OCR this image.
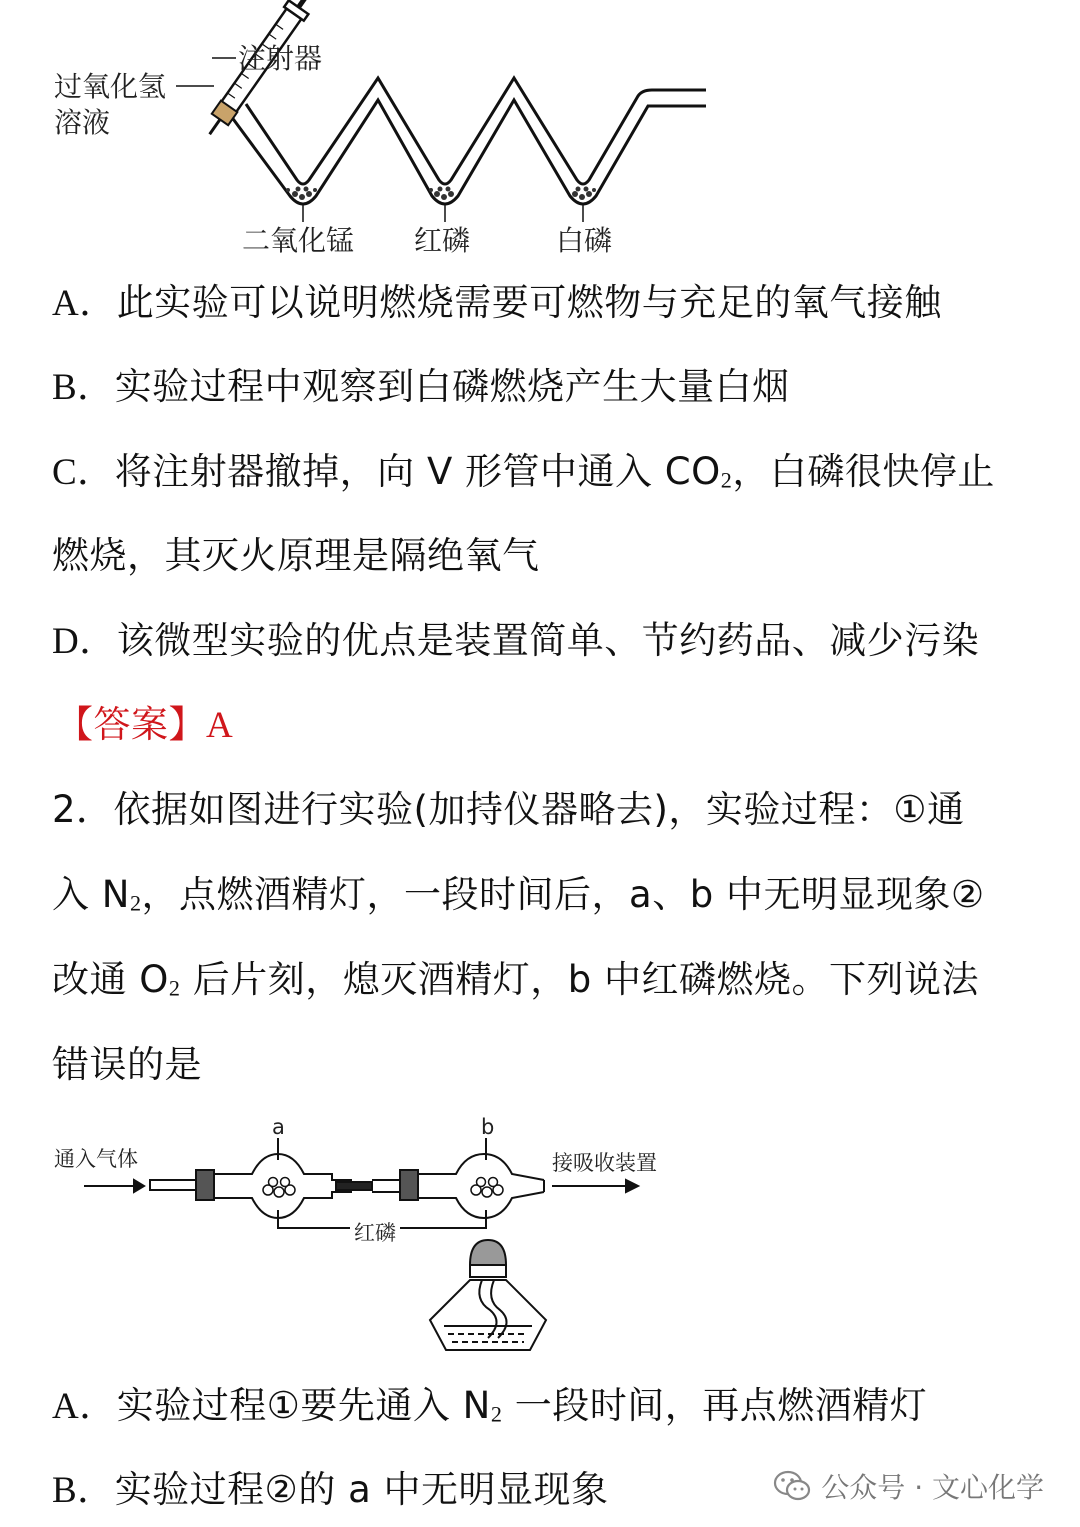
注射器
过氧化氢
溶液
二氧化锰 红磷	白磷
A．此实验可以说明燃烧需要可燃物与充足的氧气接触
B．实验过程中观察到白磷燃烧产生大量白烟
C．将注射器撤掉，向 V 形管中通入 CO2，白磷很快停止
燃烧，其灭火原理是隔绝氧气
D．该微型实验的优点是装置简单、节约药品、减少污染
【答案】A
2．依据如图进行实验(加持仪器略去)，实验过程：①通
入 N2，点燃酒精灯，一段时间后，a、b 中无明显现象②
改通 O2 后片刻，熄灭酒精灯，b 中红磷燃烧。下列说法
错误的是
通入气体	接吸收装置
a	b
红磷
A．实验过程①要先通入 N2 一段时间，再点燃酒精灯
B．实验过程②的 a 中无明显现象	公众号 · 文心化学
